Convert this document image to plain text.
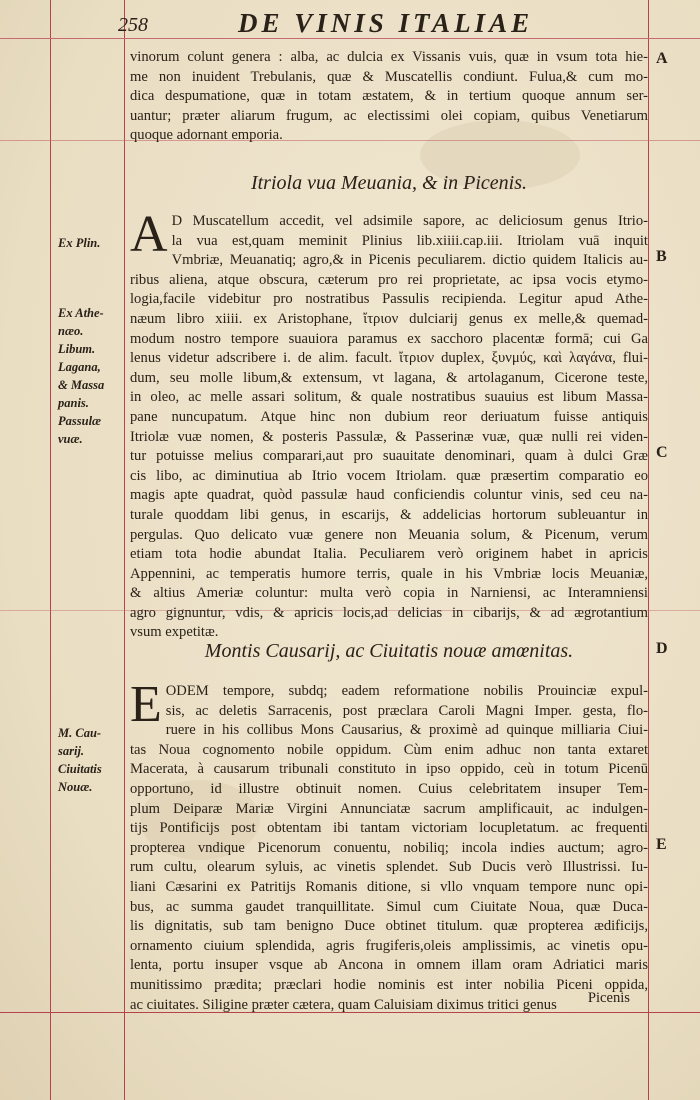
258	DE VINIS ITALIAE
vinorum colunt genera : alba, ac dulcia ex Vissanis vuis, quæ in vsum tota hie-
me non inuident Trebulanis, quæ & Muscatellis condiunt. Fulua,& cum mo-
dica despumatione, quæ in totam æstatem, & in tertium quoque annum ser-
uantur; præter aliarum frugum, ac electissimi olei copiam, quibus Venetiarum
quoque adornant emporia.
Itriola vua Meuania, & in Picenis.
A D Muscatellum accedit, vel adsimile sapore, ac deliciosum genus Itrio-
la vua est,quam meminit Plinius lib.xiiii.cap.iii. Itriolam vuā inquit
Vmbriæ, Meuanatiq; agro,& in Picenis peculiarem. dictio quidem Italicis au-
ribus aliena, atque obscura, cæterum pro rei proprietate, ac ipsa vocis etymo-
logia,facile videbitur pro nostratibus Passulis recipienda. Legitur apud Athe-
næum libro xiiii. ex Aristophane, ἴτριον dulciarij genus ex melle,& quemad-
modum nostro tempore suauiora paramus ex sacchoro placentæ formā; cui Ga
lenus videtur adscribere i. de alim. facult. ἴτριον duplex, ξυνμύς, καὶ λαγάνα, flui-
dum, seu molle libum,& extensum, vt lagana, & artolaganum, Cicerone teste,
in oleo, ac melle assari solitum, & quale nostratibus suauius est libum Massa-
pane nuncupatum. Atque hinc non dubium reor deriuatum fuisse antiquis
Itriolæ vuæ nomen, & posteris Passulæ, & Passerinæ vuæ, quæ nulli rei viden-
tur potuisse melius comparari,aut pro suauitate denominari, quam à dulci Græ
cis libo, ac diminutiua ab Itrio vocem Itriolam. quæ præsertim comparatio eo
magis apte quadrat, quòd passulæ haud conficiendis coluntur vinis, sed ceu na-
turale quoddam libi genus, in escarijs, & addelicias hortorum subleuantur in
pergulas. Quo delicato vuæ genere non Meuania solum, & Picenum, verum
etiam tota hodie abundat Italia. Peculiarem verò originem habet in apricis
Appennini, ac temperatis humore terris, quale in his Vmbriæ locis Meuaniæ,
& altius Ameriæ coluntur: multa verò copia in Narniensi, ac Interamniensi
agro gignuntur, vdis, & apricis locis,ad delicias in cibarijs, & ad ægrotantium
vsum expetitæ.
Montis Causarij, ac Ciuitatis nouæ amœnitas.
E ODEM tempore, subdq; eadem reformatione nobilis Prouinciæ expul-
sis, ac deletis Sarracenis, post præclara Caroli Magni Imper. gesta, flo-
ruere in his collibus Mons Causarius, & proximè ad quinque milliaria Ciui-
tas Noua cognomento nobile oppidum. Cùm enim adhuc non tanta extaret
Macerata, à causarum tribunali constituto in ipso oppido, ceù in totum Picenū
opportuno, id illustre obtinuit nomen. Cuius celebritatem insuper Tem-
plum Deiparæ Mariæ Virgini Annunciatæ sacrum amplificauit, ac indulgen-
tijs Pontificijs post obtentam ibi tantam victoriam locupletatum. ac frequenti
propterea vndique Picenorum conuentu, nobiliq; incola indies auctum; agro-
rum cultu, olearum syluis, ac vinetis splendet. Sub Ducis verò Illustrissi. Iu-
liani Cæsarini ex Patritijs Romanis ditione, si vllo vnquam tempore nunc opi-
bus, ac summa gaudet tranquillitate. Simul cum Ciuitate Noua, quæ Duca-
lis dignitatis, sub tam benigno Duce obtinet titulum. quæ propterea ædificijs,
ornamento ciuium splendida, agris frugiferis,oleis amplissimis, ac vinetis opu-
lenta, portu insuper vsque ab Ancona in omnem illam oram Adriatici maris
munitissimo prædita; præclari hodie nominis est inter nobilia Piceni oppida,
ac ciuitates. Siligine præter cætera, quam Caluisiam diximus tritici genus	Picenis
Ex Plin.
Ex Athe-
næo.
Libum.
Lagana,
& Massa
panis.
Passulæ
vuæ.
M. Cau-
sarij.
Ciuitatis
Nouæ.
A
B
C
D
E
